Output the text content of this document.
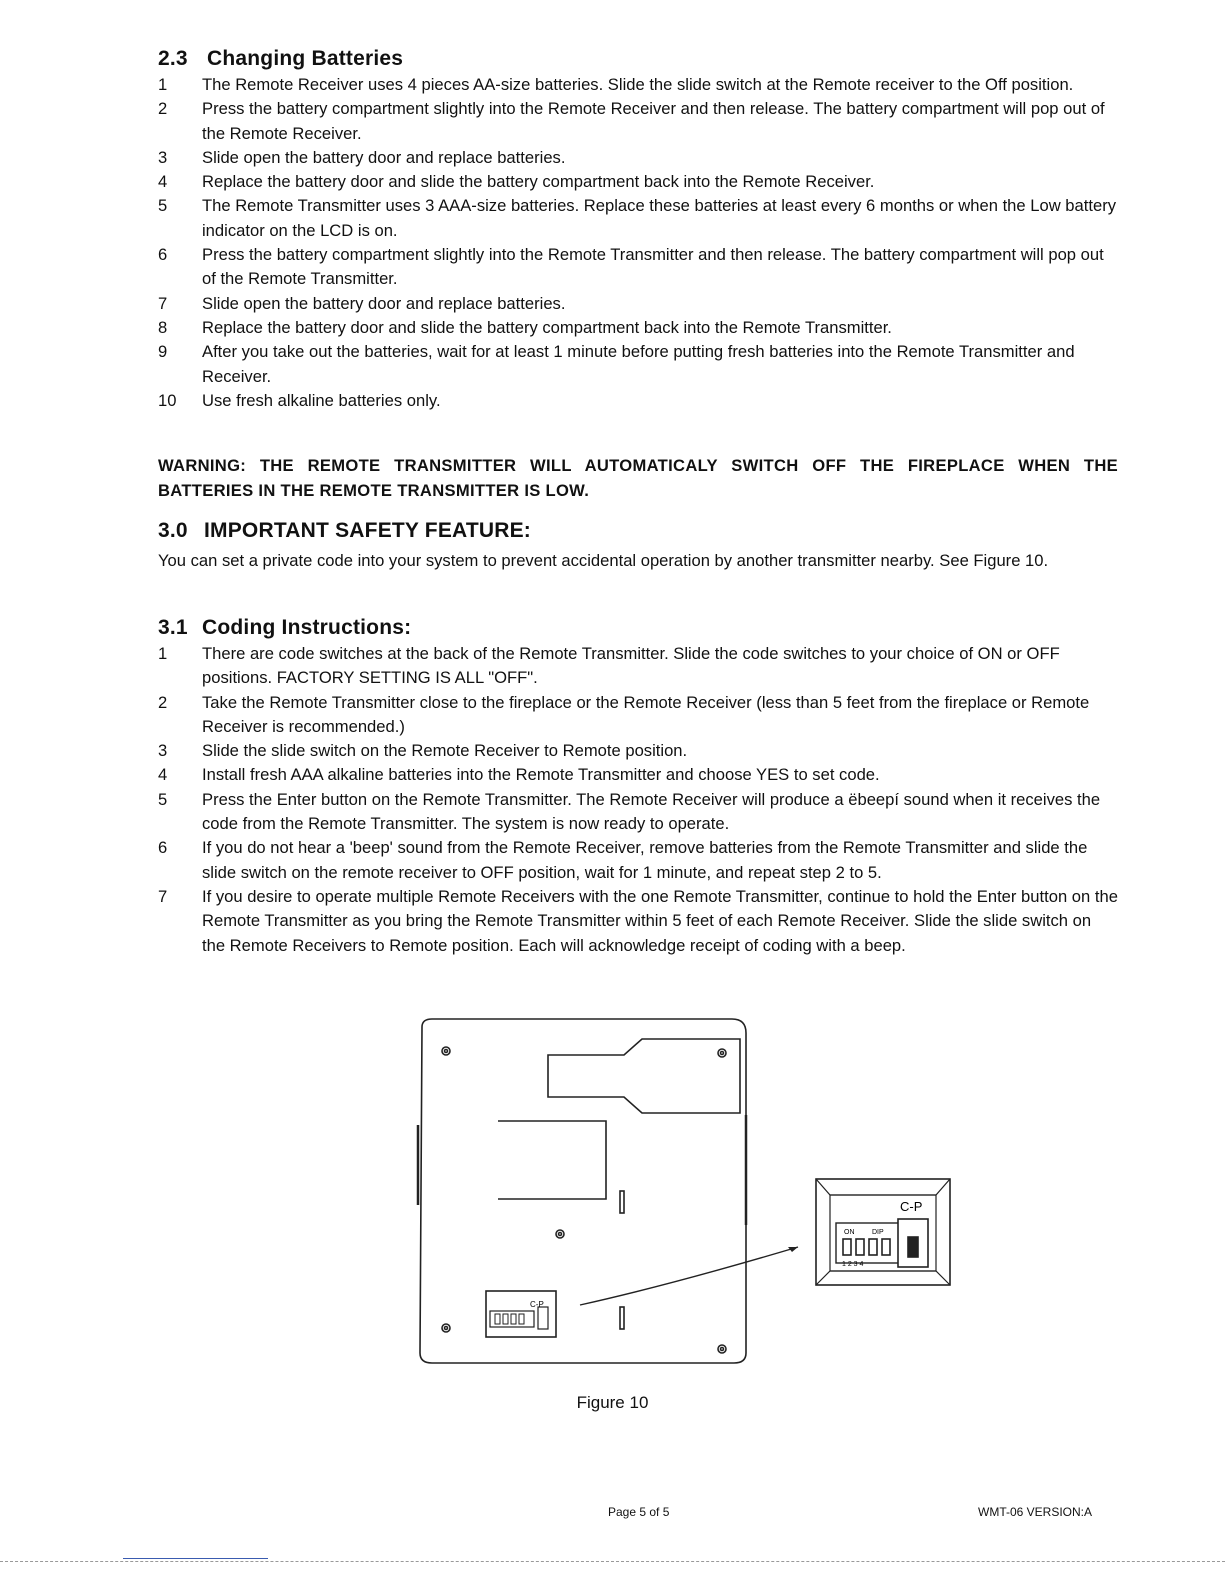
2.3 Changing Batteries
1	The Remote Receiver uses 4 pieces AA-size batteries. Slide the slide switch at the Remote receiver to the Off position.
2	Press the battery compartment slightly into the Remote Receiver and then release. The battery compartment will pop out of the Remote Receiver.
3	Slide open the battery door and replace batteries.
4	Replace the battery door and slide the battery compartment back into the Remote Receiver.
5	The Remote Transmitter uses 3 AAA-size batteries. Replace these batteries at least every 6 months or when the Low battery indicator on the LCD is on.
6	Press the battery compartment slightly into the Remote Transmitter and then release. The battery compartment will pop out of the Remote Transmitter.
7	Slide open the battery door and replace batteries.
8	Replace the battery door and slide the battery compartment back into the Remote Transmitter.
9	After you take out the batteries, wait for at least 1 minute before putting fresh batteries into the Remote Transmitter and Receiver.
10	Use fresh alkaline batteries only.
WARNING: THE REMOTE TRANSMITTER WILL AUTOMATICALY SWITCH OFF THE FIREPLACE WHEN THE BATTERIES IN THE REMOTE TRANSMITTER IS LOW.
3.0 IMPORTANT SAFETY FEATURE:
You can set a private code into your system to prevent accidental operation by another transmitter nearby. See Figure 10.
3.1 Coding Instructions:
1	There are code switches at the back of the Remote Transmitter. Slide the code switches to your choice of ON or OFF positions. FACTORY SETTING IS ALL "OFF".
2	Take the Remote Transmitter close to the fireplace or the Remote Receiver (less than 5 feet from the fireplace or Remote Receiver is recommended.)
3	Slide the slide switch on the Remote Receiver to Remote position.
4	Install fresh AAA alkaline batteries into the Remote Transmitter and choose YES to set code.
5	Press the Enter button on the Remote Transmitter. The Remote Receiver will produce a ëbeepí sound when it receives the code from the Remote Transmitter. The system is now ready to operate.
6	If you do not hear a 'beep' sound from the Remote Receiver, remove batteries from the Remote Transmitter and slide the slide switch on the remote receiver to OFF position, wait for 1 minute, and repeat step 2 to 5.
7	If you desire to operate multiple Remote Receivers with the one Remote Transmitter, continue to hold the Enter button on the Remote Transmitter as you bring the Remote Transmitter within 5 feet of each Remote Receiver. Slide the slide switch on the Remote Receivers to Remote position. Each will acknowledge receipt of coding with a beep.
C-P
C-P
ON	DIP
1 2 3 4
Figure 10
Page 5 of 5	WMT-06 VERSION:A
